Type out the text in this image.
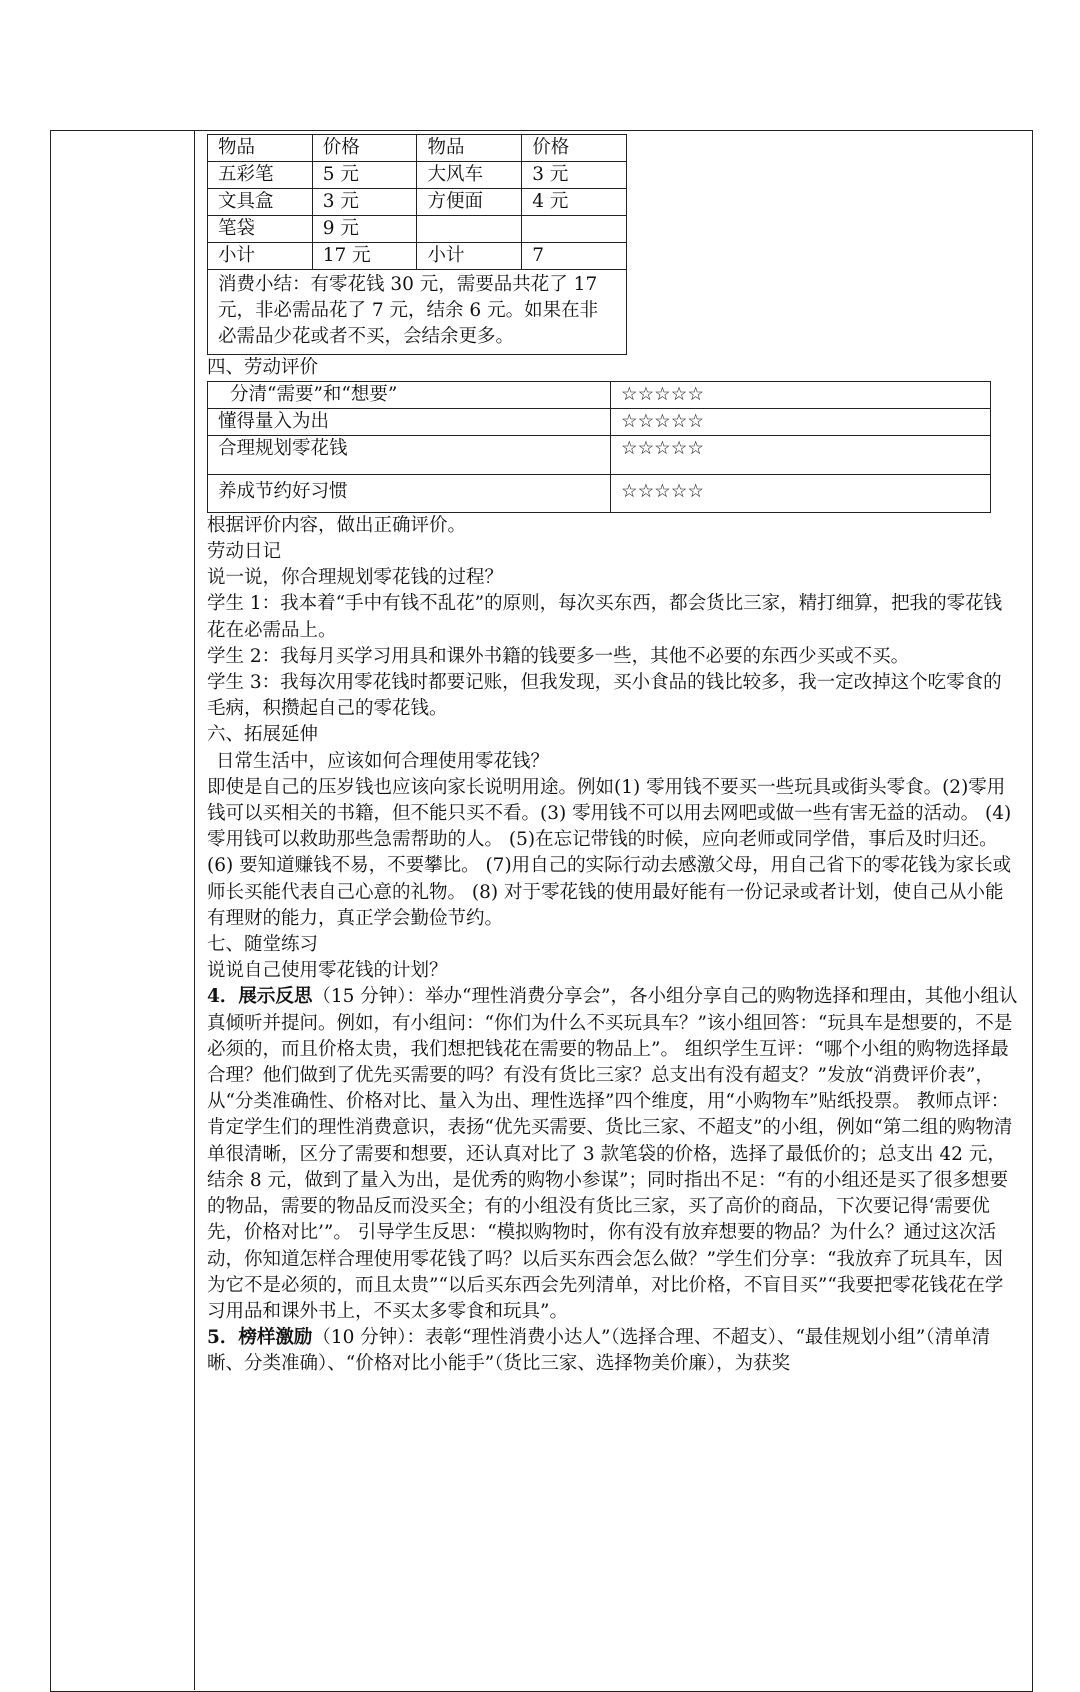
物品	价格	物品	价格
五彩笔	5 元	大风车	3 元
文具盒	3 元	方便面	4 元
笔袋	9 元		
小计	17 元	小计	7
消费小结：有零花钱 30 元，需要品共花了 17 元，非必需品花了 7 元，结余 6 元。如果在非必需品少花或者不买，会结余更多。			

四、劳动评价

分清“需要”和“想要”	☆☆☆☆☆
懂得量入为出	☆☆☆☆☆
合理规划零花钱	☆☆☆☆☆
养成节约好习惯	☆☆☆☆☆

根据评价内容，做出正确评价。

劳动日记

说一说，你合理规划零花钱的过程？

学生 1：我本着“手中有钱不乱花”的原则，每次买东西，都会货比三家，精打细算，把我的零花钱花在必需品上。

学生 2：我每月买学习用具和课外书籍的钱要多一些，其他不必要的东西少买或不买。

学生 3：我每次用零花钱时都要记账，但我发现，买小食品的钱比较多，我一定改掉这个吃零食的毛病，积攒起自己的零花钱。

六、拓展延伸

日常生活中，应该如何合理使用零花钱？

即使是自己的压岁钱也应该向家长说明用途。例如(1) 零用钱不要买一些玩具或街头零食。(2)零用钱可以买相关的书籍，但不能只买不看。(3) 零用钱不可以用去网吧或做一些有害无益的活动。 (4) 零用钱可以救助那些急需帮助的人。 (5)在忘记带钱的时候，应向老师或同学借，事后及时归还。 (6) 要知道赚钱不易，不要攀比。 (7)用自己的实际行动去感激父母，用自己省下的零花钱为家长或师长买能代表自己心意的礼物。 (8) 对于零花钱的使用最好能有一份记录或者计划，使自己从小能有理财的能力，真正学会勤俭节约。

七、随堂练习

说说自己使用零花钱的计划？

4．展示反思（15 分钟）：举办“理性消费分享会”，各小组分享自己的购物选择和理由，其他小组认真倾听并提问。例如，有小组问：“你们为什么不买玩具车？”该小组回答：“玩具车是想要的，不是必须的，而且价格太贵，我们想把钱花在需要的物品上”。 组织学生互评：“哪个小组的购物选择最合理？他们做到了优先买需要的吗？有没有货比三家？总支出有没有超支？”发放“消费评价表”，从“分类准确性、价格对比、量入为出、理性选择”四个维度，用“小购物车”贴纸投票。 教师点评：肯定学生们的理性消费意识，表扬“优先买需要、货比三家、不超支”的小组，例如“第二组的购物清单很清晰，区分了需要和想要，还认真对比了 3 款笔袋的价格，选择了最低价的；总支出 42 元，结余 8 元，做到了量入为出，是优秀的购物小参谋”；同时指出不足：“有的小组还是买了很多想要的物品，需要的物品反而没买全；有的小组没有货比三家，买了高价的商品，下次要记得‘需要优先，价格对比’”。 引导学生反思：“模拟购物时，你有没有放弃想要的物品？为什么？通过这次活动，你知道怎样合理使用零花钱了吗？以后买东西会怎么做？”学生们分享：“我放弃了玩具车，因为它不是必须的，而且太贵”“以后买东西会先列清单，对比价格，不盲目买”“我要把零花钱花在学习用品和课外书上，不买太多零食和玩具”。

5．榜样激励（10 分钟）：表彰“理性消费小达人”（选择合理、不超支）、“最佳规划小组”（清单清晰、分类准确）、“价格对比小能手”（货比三家、选择物美价廉），为获奖
